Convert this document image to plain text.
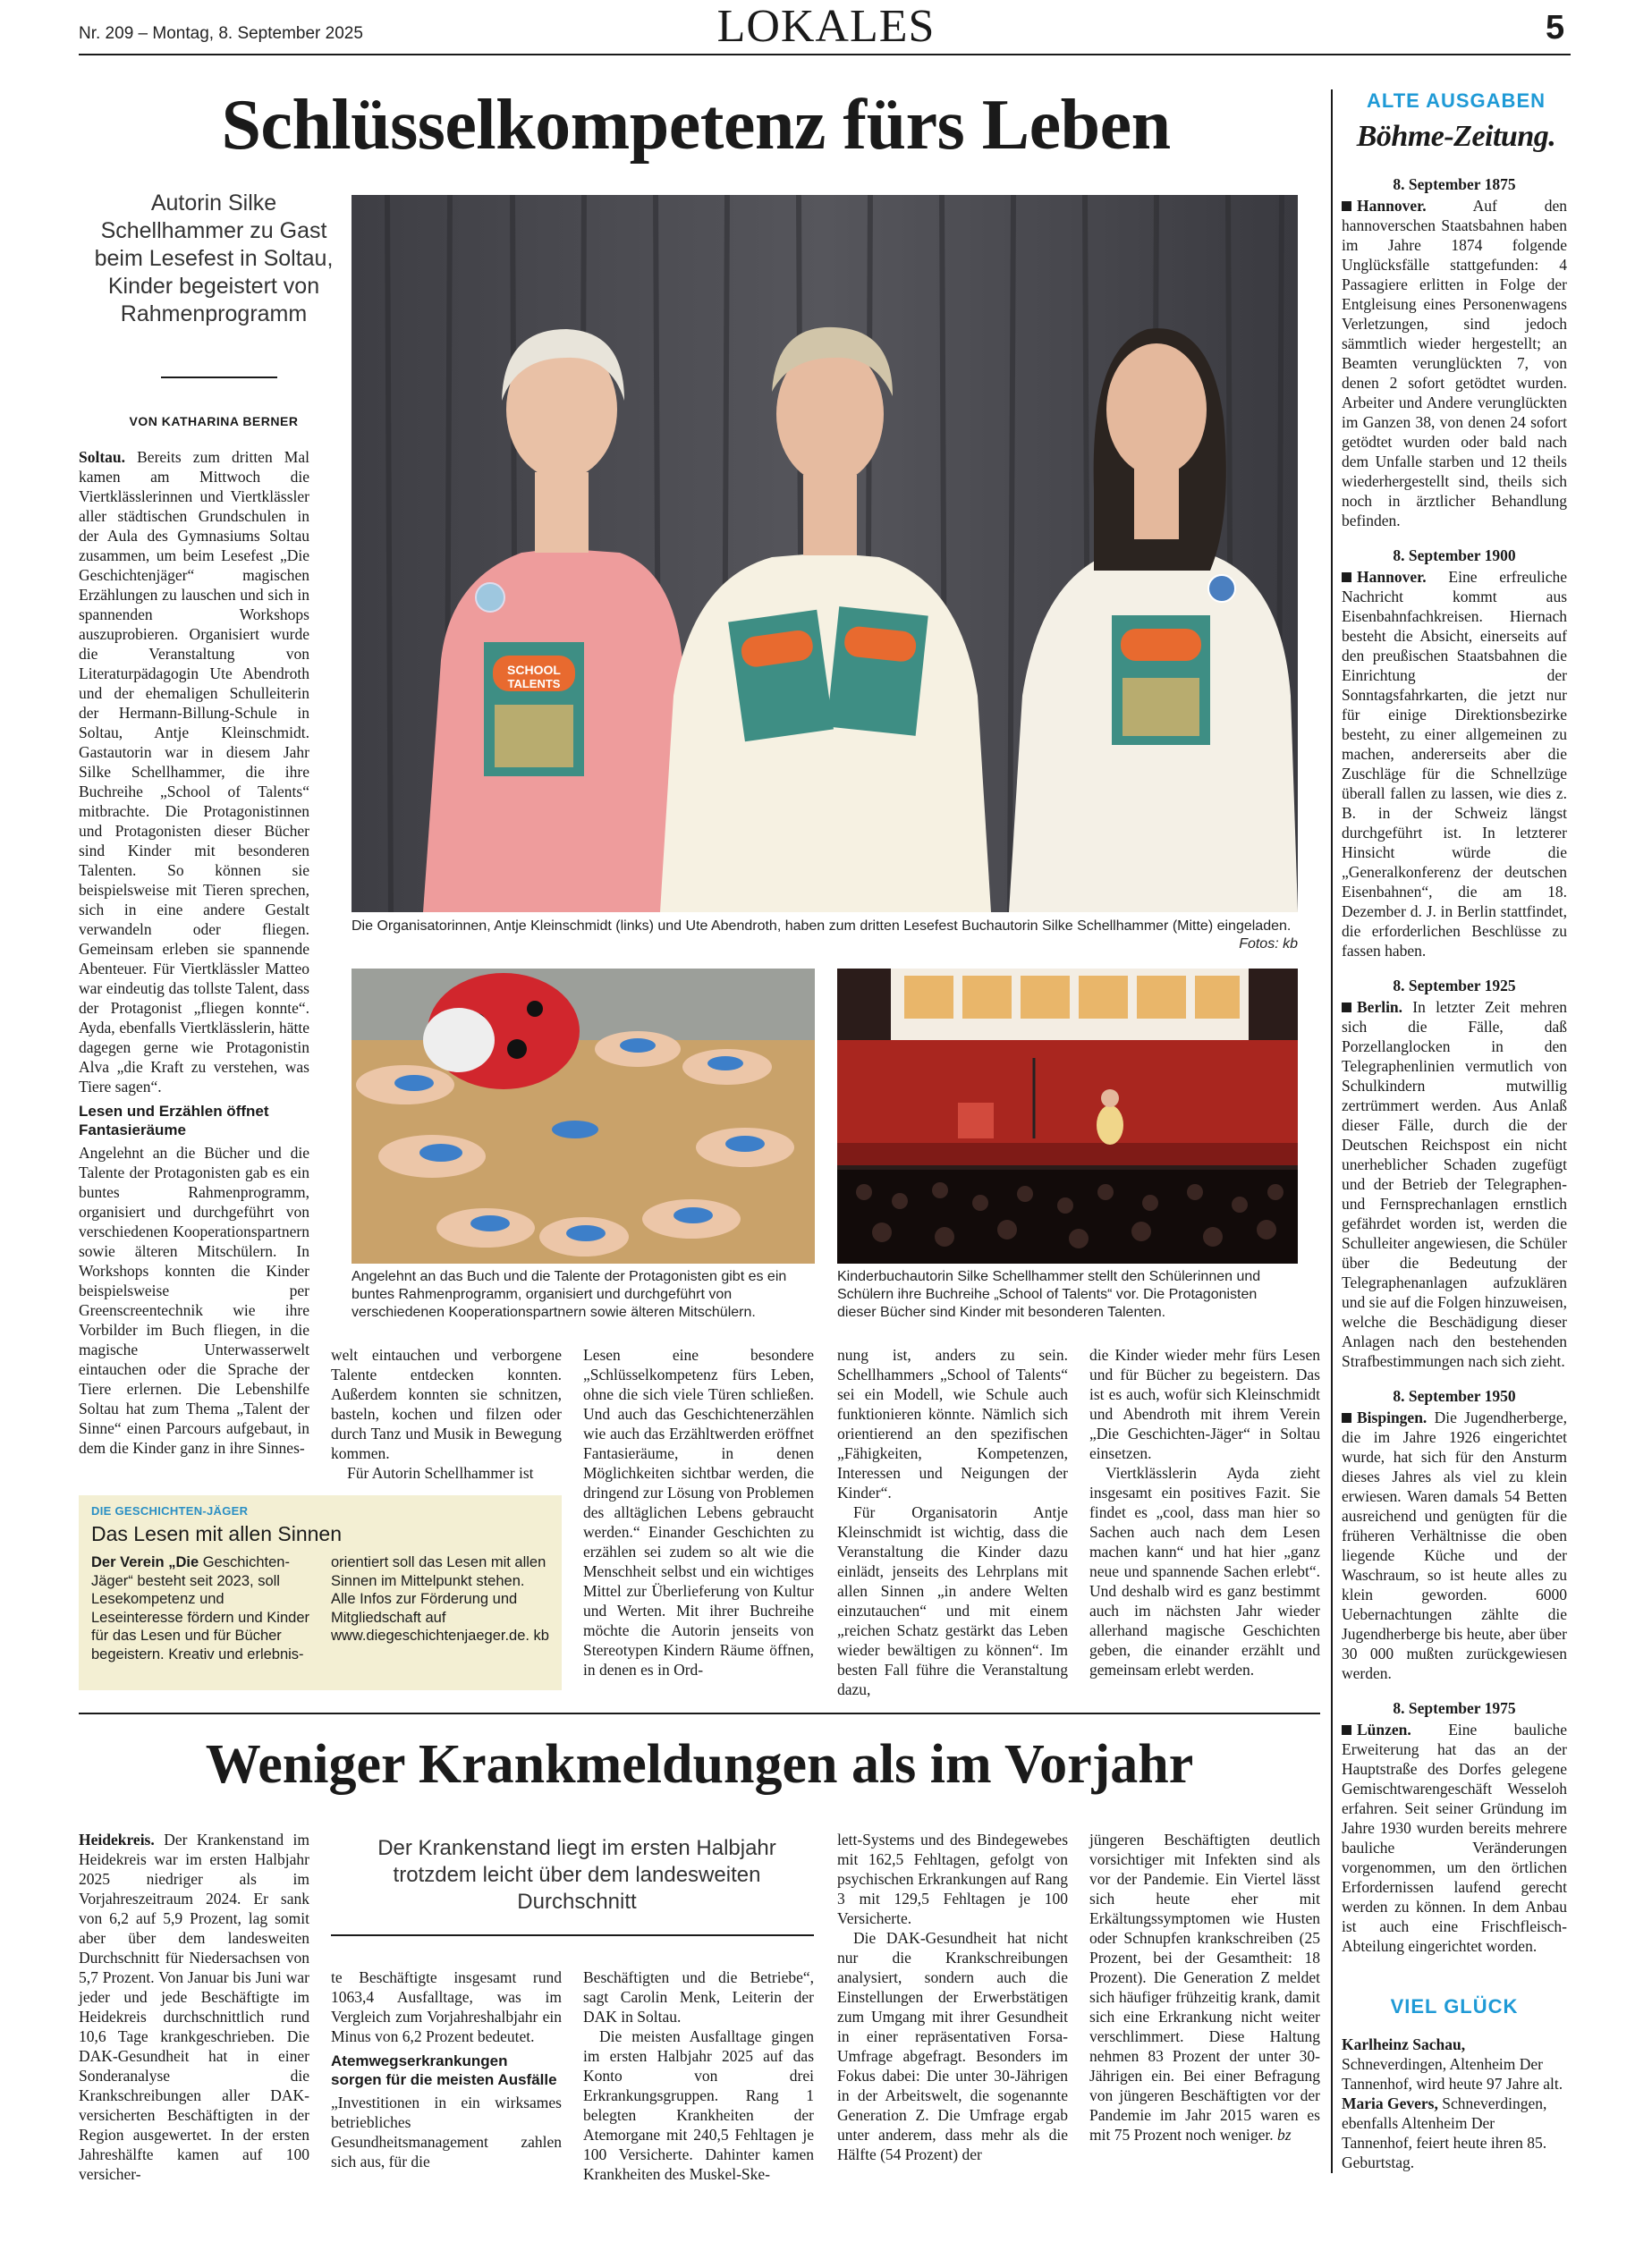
Nr. 209 – Montag, 8. September 2025	LOKALES	5
Schlüsselkompetenz fürs Leben
Autorin Silke Schellhammer zu Gast beim Lesefest in Soltau, Kinder begeistert von Rahmenprogramm
VON KATHARINA BERNER

Soltau. Bereits zum dritten Mal kamen am Mittwoch die Viertklässlerinnen und Viertklässler aller städtischen Grundschulen in der Aula des Gymnasiums Soltau zusammen, um beim Lesefest „Die Geschichtenjäger“ magischen Erzählungen zu lauschen und sich in spannenden Workshops auszuprobieren. Organisiert wurde die Veranstaltung von Literaturpädagogin Ute Abendroth und der ehemaligen Schulleiterin der Hermann-Billung-Schule in Soltau, Antje Kleinschmidt. Gastautorin war in diesem Jahr Silke Schellhammer, die ihre Buchreihe „School of Talents“ mitbrachte. Die Protagonistinnen und Protagonisten dieser Bücher sind Kinder mit besonderen Talenten. So können sie beispielsweise mit Tieren sprechen, sich in eine andere Gestalt verwandeln oder fliegen. Gemeinsam erleben sie spannende Abenteuer. Für Viertklässler Matteo war eindeutig das tollste Talent, dass der Protagonist „fliegen konnte“. Ayda, ebenfalls Viertklässlerin, hätte dagegen gerne wie Protagonistin Alva „die Kraft zu verstehen, was Tiere sagen“.

Lesen und Erzählen öffnet Fantasieräume

Angelehnt an die Bücher und die Talente der Protagonisten gab es ein buntes Rahmenprogramm, organisiert und durchgeführt von verschiedenen Kooperationspartnern sowie älteren Mitschülern. In Workshops konnten die Kinder beispielsweise per Greenscreentechnik wie ihre Vorbilder im Buch fliegen, in die magische Unterwasserwelt eintauchen oder die Sprache der Tiere erlernen. Die Lebenshilfe Soltau hat zum Thema „Talent der Sinne“ einen Parcours aufgebaut, in dem die Kinder ganz in ihre Sinnes-

SCHOOL
TALENTS
Die Organisatorinnen, Antje Kleinschmidt (links) und Ute Abendroth, haben zum dritten Lesefest Buchautorin Silke Schellhammer (Mitte) eingeladen.
Fotos: kb
Angelehnt an das Buch und die Talente der Protagonisten gibt es ein buntes Rahmenprogramm, organisiert und durchgeführt von verschiedenen Kooperationspartnern sowie älteren Mitschülern.
Kinderbuchautorin Silke Schellhammer stellt den Schülerinnen und Schülern ihre Buchreihe „School of Talents“ vor. Die Protagonisten dieser Bücher sind Kinder mit besonderen Talenten.

welt eintauchen und verborgene Talente entdecken konnten. Außerdem konnten sie schnitzen, basteln, kochen und filzen oder durch Tanz und Musik in Bewegung kommen.

Für Autorin Schellhammer ist

Lesen eine besondere „Schlüsselkompetenz fürs Leben, ohne die sich viele Türen schließen. Und auch das Geschichtenerzählen wie auch das Erzähltwerden eröffnet Fantasieräume, in denen Möglichkeiten sichtbar werden, die dringend zur Lösung von Problemen des alltäglichen Lebens gebraucht werden.“ Einander Geschichten zu erzählen sei zudem so alt wie die Menschheit selbst und ein wichtiges Mittel zur Überlieferung von Kultur und Werten. Mit ihrer Buchreihe möchte die Autorin jenseits von Stereotypen Kindern Räume öffnen, in denen es in Ord-

nung ist, anders zu sein. Schellhammers „School of Talents“ sei ein Modell, wie Schule auch funktionieren könnte. Nämlich sich orientierend an den spezifischen „Fähigkeiten, Kompetenzen, Interessen und Neigungen der Kinder“.

Für Organisatorin Antje Kleinschmidt ist wichtig, dass die Veranstaltung die Kinder dazu einlädt, jenseits des Lehrplans mit allen Sinnen „in andere Welten einzutauchen“ und mit einem „reichen Schatz gestärkt das Leben wieder bewältigen zu können“. Im besten Fall führe die Veranstaltung dazu,

die Kinder wieder mehr fürs Lesen und für Bücher zu begeistern. Das ist es auch, wofür sich Kleinschmidt und Abendroth mit ihrem Verein „Die Geschichten-Jäger“ in Soltau einsetzen.

Viertklässlerin Ayda zieht insgesamt ein positives Fazit. Sie findet es „cool, dass man hier so Sachen auch nach dem Lesen machen kann“ und hat hier „ganz neue und spannende Sachen erlebt“. Und deshalb wird es ganz bestimmt auch im nächsten Jahr wieder allerhand magische Geschichten geben, die einander erzählt und gemeinsam erlebt werden.

DIE GESCHICHTEN-JÄGER
Das Lesen mit allen Sinnen
Der Verein „Die Geschichten-Jäger“ besteht seit 2023, soll Lesekompetenz und Leseinteresse fördern und Kinder für das Lesen und für Bücher begeistern. Kreativ und erlebnis-
orientiert soll das Lesen mit allen Sinnen im Mittelpunkt stehen. Alle Infos zur Förderung und Mitgliedschaft auf www.diegeschichtenjaeger.de. kb
Weniger Krankmeldungen als im Vorjahr

Heidekreis. Der Krankenstand im Heidekreis war im ersten Halbjahr 2025 niedriger als im Vorjahreszeitraum 2024. Er sank von 6,2 auf 5,9 Prozent, lag somit aber über dem landesweiten Durchschnitt für Niedersachsen von 5,7 Prozent. Von Januar bis Juni war jeder und jede Beschäftigte im Heidekreis durchschnittlich rund 10,6 Tage krankgeschrieben. Die DAK-Gesundheit hat in einer Sonderanalyse die Krankschreibungen aller DAK-versicherten Beschäftigten in der Region ausgewertet. In der ersten Jahreshälfte kamen auf 100 versicher-

Der Krankenstand liegt im ersten Halbjahr trotzdem leicht über dem landesweiten Durchschnitt

te Beschäftigte insgesamt rund 1063,4 Ausfalltage, was im Vergleich zum Vorjahreshalbjahr ein Minus von 6,2 Prozent bedeutet.

Atemwegserkrankungen sorgen für die meisten Ausfälle

„Investitionen in ein wirksames betriebliches Gesundheitsmanagement zahlen sich aus, für die

Beschäftigten und die Betriebe“, sagt Carolin Menk, Leiterin der DAK in Soltau.

Die meisten Ausfalltage gingen im ersten Halbjahr 2025 auf das Konto von drei Erkrankungsgruppen. Rang 1 belegten Krankheiten der Atemorgane mit 240,5 Fehltagen je 100 Versicherte. Dahinter kamen Krankheiten des Muskel-Ske-

lett-Systems und des Bindegewebes mit 162,5 Fehltagen, gefolgt von psychischen Erkrankungen auf Rang 3 mit 129,5 Fehltagen je 100 Versicherte.

Die DAK-Gesundheit hat nicht nur die Krankschreibungen analysiert, sondern auch die Einstellungen der Erwerbstätigen zum Umgang mit ihrer Gesundheit in einer repräsentativen Forsa-Umfrage abgefragt. Besonders im Fokus dabei: Die unter 30-Jährigen in der Arbeitswelt, die sogenannte Generation Z. Die Umfrage ergab unter anderem, dass mehr als die Hälfte (54 Prozent) der

jüngeren Beschäftigten deutlich vorsichtiger mit Infekten sind als vor der Pandemie. Ein Viertel lässt sich heute eher mit Erkältungssymptomen wie Husten oder Schnupfen krankschreiben (25 Prozent, bei der Gesamtheit: 18 Prozent). Die Generation Z meldet sich häufiger frühzeitig krank, damit sich eine Erkrankung nicht weiter verschlimmert. Diese Haltung nehmen 83 Prozent der unter 30-Jährigen ein. Bei einer Befragung von jüngeren Beschäftigten vor der Pandemie im Jahr 2015 waren es mit 75 Prozent noch weniger. bz

ALTE AUSGABEN
Böhme-Zeitung.
8. September 1875
Hannover. Auf den hannoverschen Staatsbahnen haben im Jahre 1874 folgende Unglücksfälle stattgefunden: 4 Passagiere erlitten in Folge der Entgleisung eines Personenwagens Verletzungen, sind jedoch sämmtlich wieder hergestellt; an Beamten verunglückten 7, von denen 2 sofort getödtet wurden. Arbeiter und Andere verunglückten im Ganzen 38, von denen 24 sofort getödtet wurden oder bald nach dem Unfalle starben und 12 theils wiederhergestellt sind, theils sich noch in ärztlicher Behandlung befinden.
8. September 1900
Hannover. Eine erfreuliche Nachricht kommt aus Eisenbahnfachkreisen. Hiernach besteht die Absicht, einerseits auf den preußischen Staatsbahnen die Einrichtung der Sonntagsfahrkarten, die jetzt nur für einige Direktionsbezirke besteht, zu einer allgemeinen zu machen, andererseits aber die Zuschläge für die Schnellzüge überall fallen zu lassen, wie dies z. B. in der Schweiz längst durchgeführt ist. In letzterer Hinsicht würde die „Generalkonferenz der deutschen Eisenbahnen“, die am 18. Dezember d. J. in Berlin stattfindet, die erforderlichen Beschlüsse zu fassen haben.
8. September 1925
Berlin. In letzter Zeit mehren sich die Fälle, daß Porzellanglocken in den Telegraphenlinien vermutlich von Schulkindern mutwillig zertrümmert werden. Aus Anlaß dieser Fälle, durch die der Deutschen Reichspost ein nicht unerheblicher Schaden zugefügt und der Betrieb der Telegraphen- und Fernsprechanlagen ernstlich gefährdet worden ist, werden die Schulleiter angewiesen, die Schüler über die Bedeutung der Telegraphenanlagen aufzuklären und sie auf die Folgen hinzuweisen, welche die Beschädigung dieser Anlagen nach den bestehenden Strafbestimmungen nach sich zieht.
8. September 1950
Bispingen. Die Jugendherberge, die im Jahre 1926 eingerichtet wurde, hat sich für den Ansturm dieses Jahres als viel zu klein erwiesen. Waren damals 54 Betten ausreichend und genügten für die früheren Verhältnisse die oben liegende Küche und der Waschraum, so ist heute alles zu klein geworden. 6000 Uebernachtungen zählte die Jugendherberge bis heute, aber über 30 000 mußten zurückgewiesen werden.
8. September 1975
Lünzen. Eine bauliche Erweiterung hat das an der Hauptstraße des Dorfes gelegene Gemischtwarengeschäft Wesseloh erfahren. Seit seiner Gründung im Jahre 1930 wurden bereits mehrere bauliche Veränderungen vorgenommen, um den örtlichen Erfordernissen laufend gerecht werden zu können. In dem Anbau ist auch eine Frischfleisch-Abteilung eingerichtet worden.
VIEL GLÜCK
Karlheinz Sachau, Schneverdingen, Altenheim Der Tannenhof, wird heute 97 Jahre alt.
Maria Gevers, Schneverdingen, ebenfalls Altenheim Der Tannenhof, feiert heute ihren 85. Geburtstag.
